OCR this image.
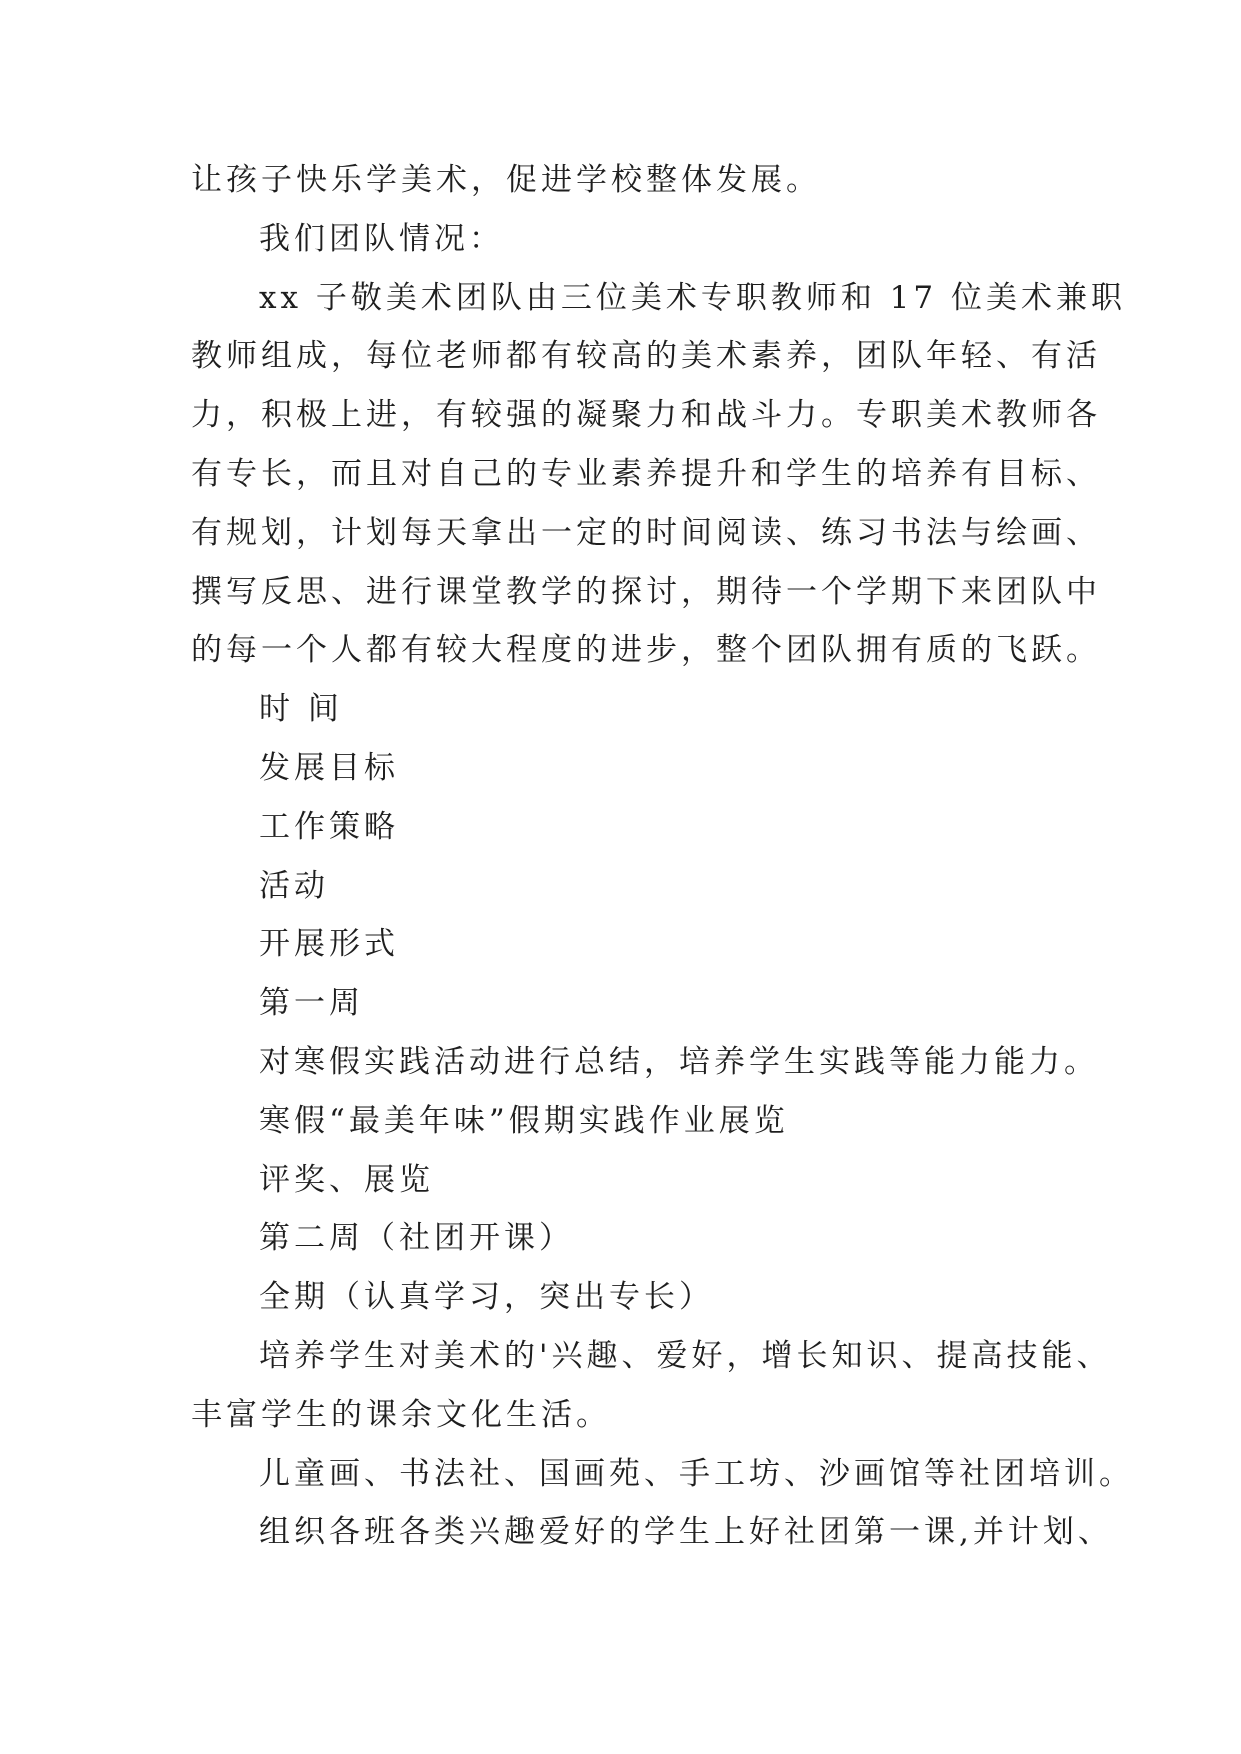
让孩子快乐学美术，促进学校整体发展。
我们团队情况：
xx 子敬美术团队由三位美术专职教师和 17 位美术兼职
教师组成，每位老师都有较高的美术素养，团队年轻、有活
力，积极上进，有较强的凝聚力和战斗力。专职美术教师各
有专长，而且对自己的专业素养提升和学生的培养有目标、
有规划，计划每天拿出一定的时间阅读、练习书法与绘画、
撰写反思、进行课堂教学的探讨，期待一个学期下来团队中
的每一个人都有较大程度的进步，整个团队拥有质的飞跃。
时 间
发展目标
工作策略
活动
开展形式
第一周
对寒假实践活动进行总结，培养学生实践等能力能力。
寒假“最美年味”假期实践作业展览
评奖、展览
第二周（社团开课）
全期（认真学习，突出专长）
培养学生对美术的'兴趣、爱好，增长知识、提高技能、
丰富学生的课余文化生活。
儿童画、书法社、国画苑、手工坊、沙画馆等社团培训。
组织各班各类兴趣爱好的学生上好社团第一课,并计划、
